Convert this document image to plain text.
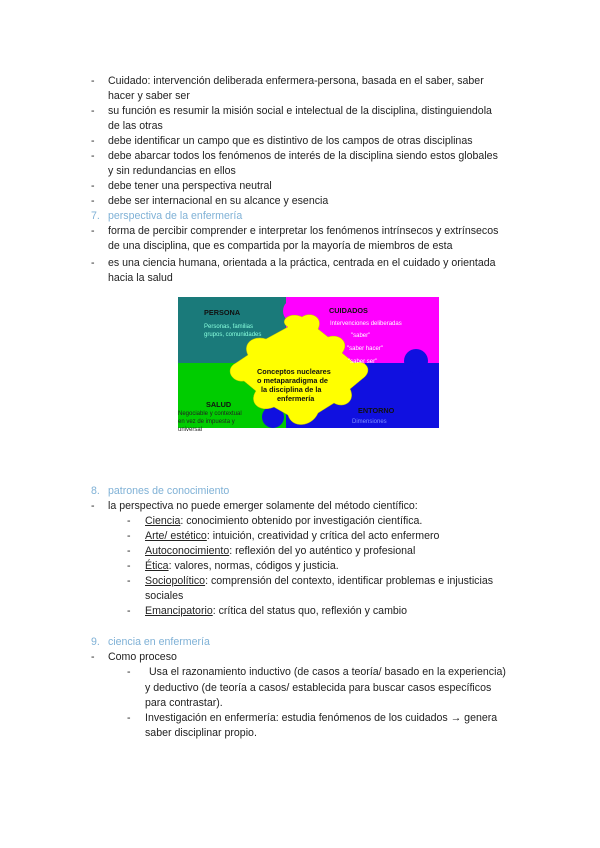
- Cuidado: intervención deliberada enfermera-persona, basada en el saber, saber
hacer y saber ser
- su función es resumir la misión social e intelectual de la disciplina, distinguiendola
de las otras
- debe identificar un campo que es distintivo de los campos de otras disciplinas
- debe abarcar todos los fenómenos de interés de la disciplina siendo estos globales
y sin redundancias en ellos
- debe tener una perspectiva neutral
- debe ser internacional en su alcance y esencia
7. perspectiva de la enfermería
- forma de percibir comprender e interpretar los fenómenos intrínsecos y extrínsecos
de una disciplina, que es compartida por la mayoría de miembros de esta
- es una ciencia humana, orientada a la práctica, centrada en el cuidado y orientada
hacia la salud
PERSONA
Personas, familias
grupos, comunidades
CUIDADOS
Intervenciones deliberadas
"saber"
"saber hacer"
"saber ser"
SALUD
Negociable y contextual
en vez de impuesta y
universal
ENTORNO
Dimensiones
Conceptos nucleares
o metaparadigma de
la disciplina de la
enfermería
8. patrones de conocimiento
- la perspectiva no puede emerger solamente del método científico:
- Ciencia: conocimiento obtenido por investigación científica.
- Arte/ estético: intuición, creatividad y crítica del acto enfermero
- Autoconocimiento: reflexión del yo auténtico y profesional
- Ética: valores, normas, códigos y justicia.
- Sociopolítico: comprensión del contexto, identificar problemas e injusticias
sociales
- Emancipatorio: crítica del status quo, reflexión y cambio
9. ciencia en enfermería
- Como proceso
- Usa el razonamiento inductivo (de casos a teoría/ basado en la experiencia)
y deductivo (de teoría a casos/ establecida para buscar casos específicos
para contrastar).
- Investigación en enfermería: estudia fenómenos de los cuidados → genera
saber disciplinar propio.
